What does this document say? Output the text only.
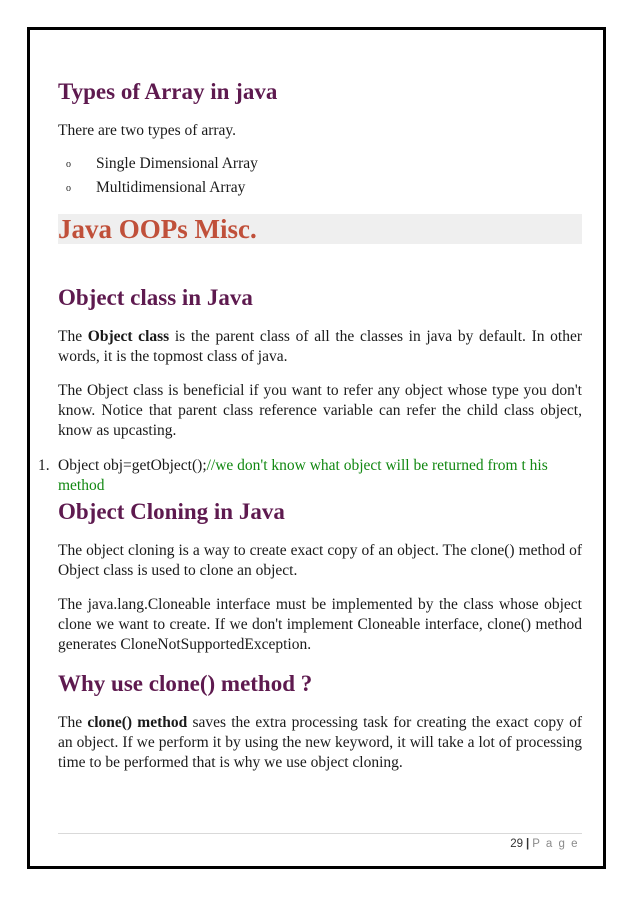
Types of Array in java

There are two types of array.

o Single Dimensional Array
o Multidimensional Array
Java OOPs Misc.
Object class in Java

The Object class is the parent class of all the classes in java by default. In other words, it is the topmost class of java.

The Object class is beneficial if you want to refer any object whose type you don't know. Notice that parent class reference variable can refer the child class object, know as upcasting.

1. Object obj=getObject();//we don't know what object will be returned from t his method
Object Cloning in Java

The object cloning is a way to create exact copy of an object. The clone() method of Object class is used to clone an object.

The java.lang.Cloneable interface must be implemented by the class whose object clone we want to create. If we don't implement Cloneable interface, clone() method generates CloneNotSupportedException.

Why use clone() method ?

The clone() method saves the extra processing task for creating the exact copy of an object. If we perform it by using the new keyword, it will take a lot of processing time to be performed that is why we use object cloning.

29 | P a g e
